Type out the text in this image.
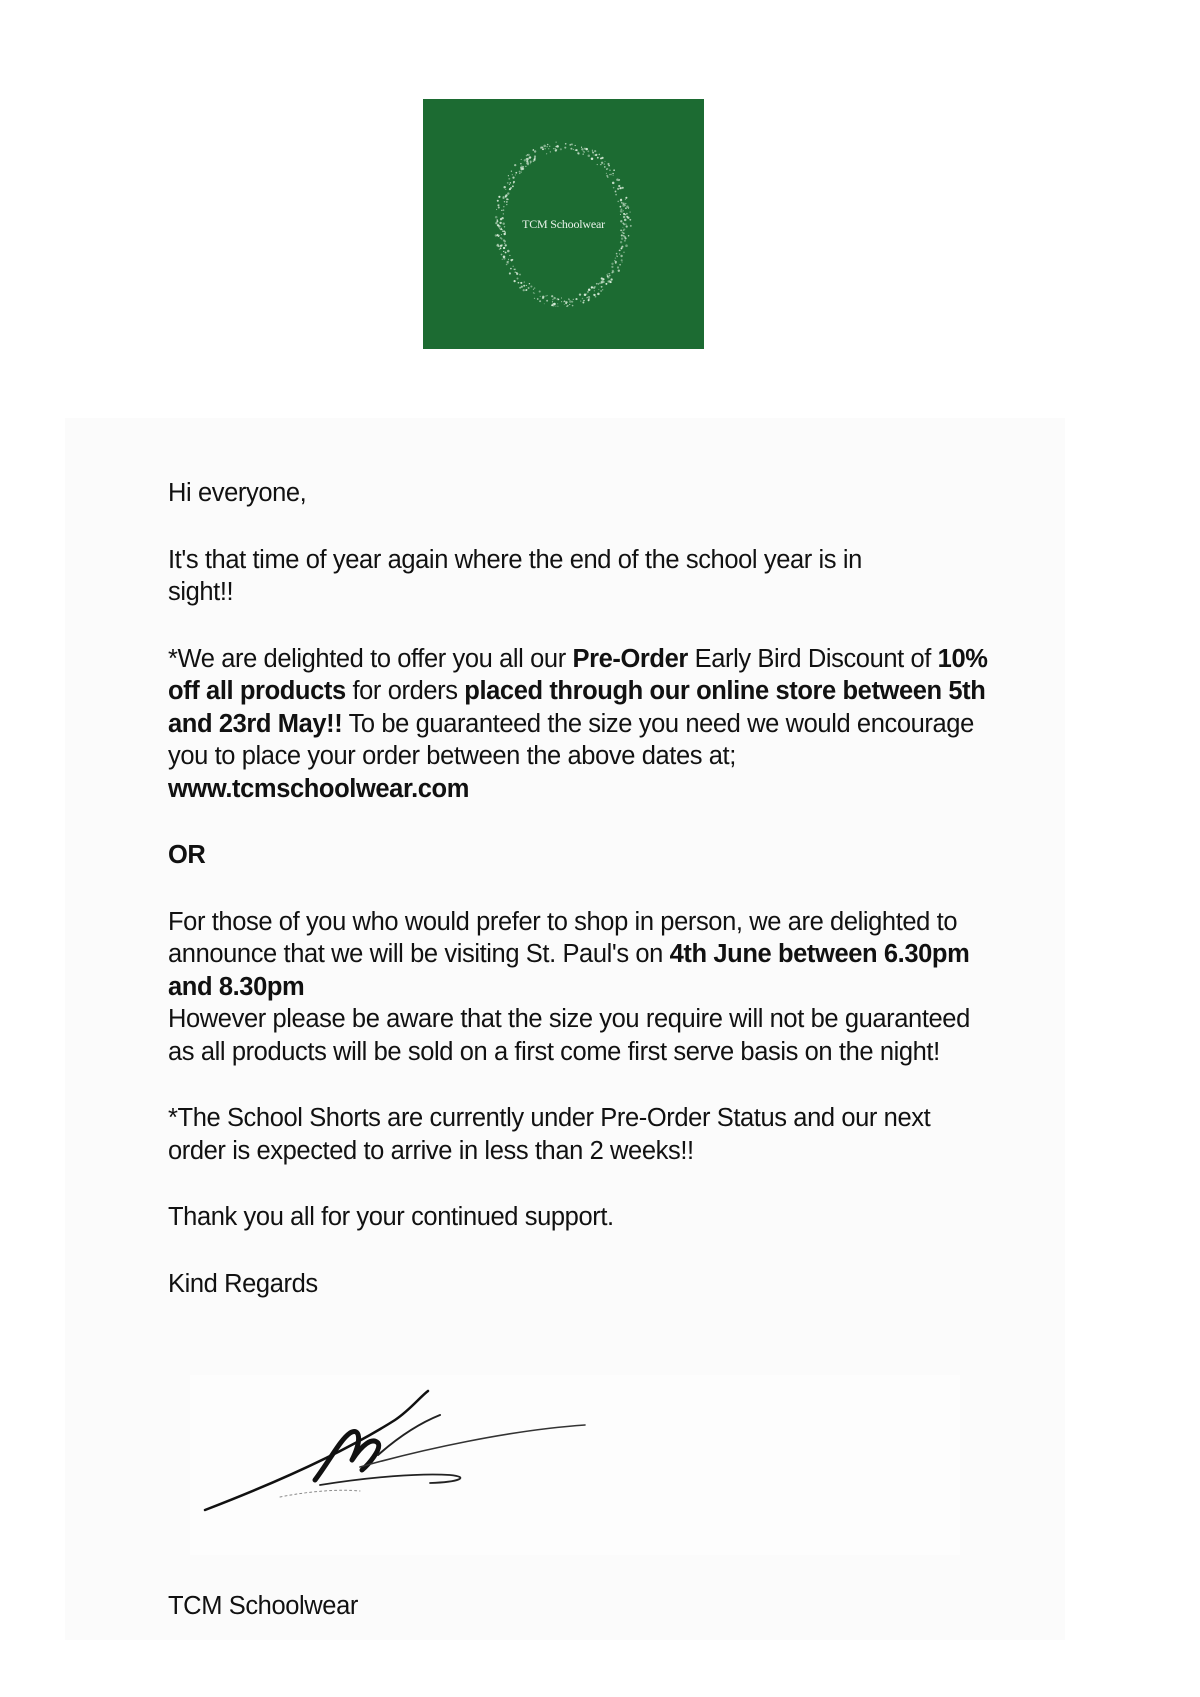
TCM Schoolwear

Hi everyone,

It's that time of year again where the end of the school year is in sight!!

*We are delighted to offer you all our Pre-Order Early Bird Discount of 10% off all products for orders placed through our online store between 5th and 23rd May!! To be guaranteed the size you need we would encourage you to place your order between the above dates at; www.tcmschoolwear.com

OR

For those of you who would prefer to shop in person, we are delighted to announce that we will be visiting St. Paul's on 4th June between 6.30pm and 8.30pm
However please be aware that the size you require will not be guaranteed as all products will be sold on a first come first serve basis on the night!

*The School Shorts are currently under Pre-Order Status and our next order is expected to arrive in less than 2 weeks!!

Thank you all for your continued support.

Kind Regards

TCM Schoolwear
